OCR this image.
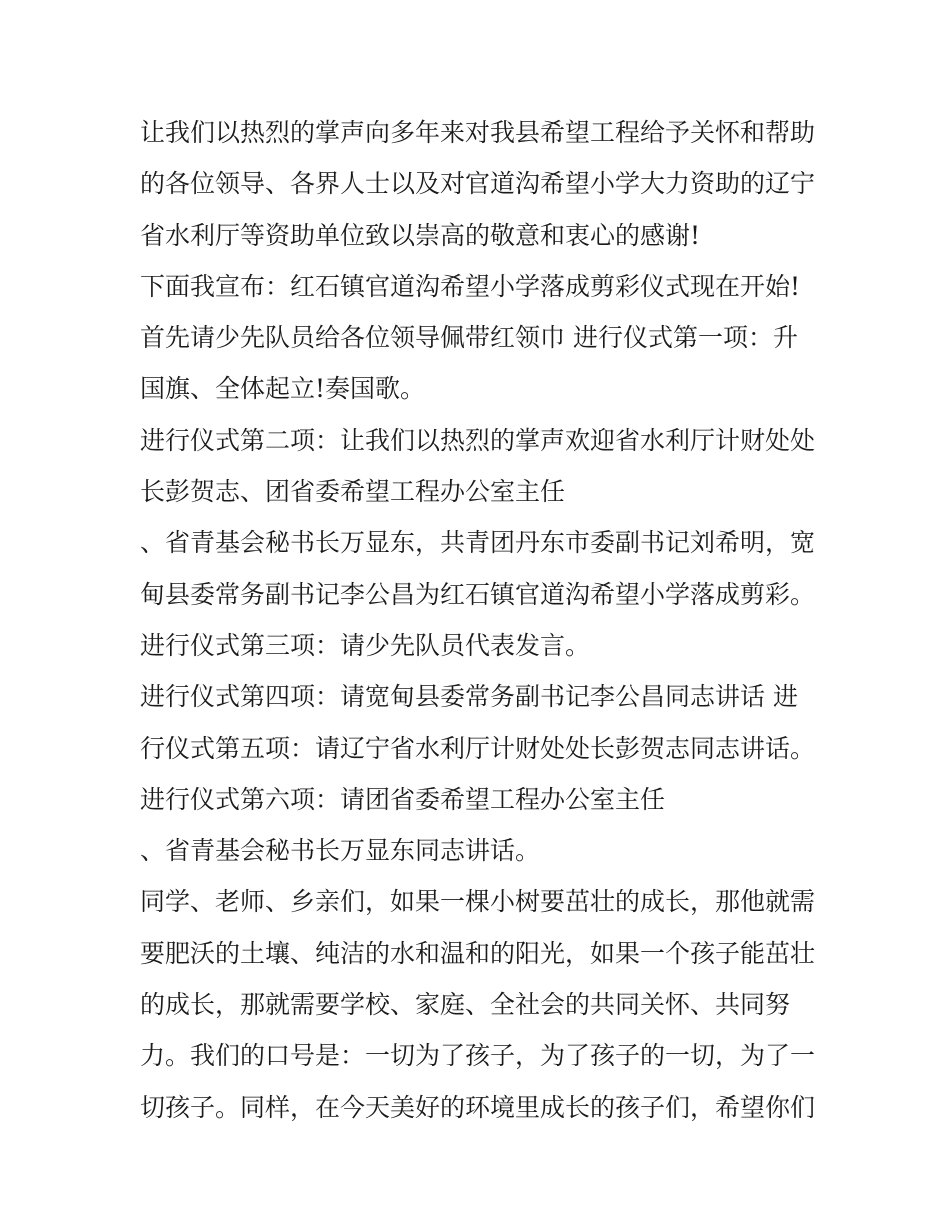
让我们以热烈的掌声向多年来对我县希望工程给予关怀和帮助
的各位领导、各界人士以及对官道沟希望小学大力资助的辽宁
省水利厅等资助单位致以崇高的敬意和衷心的感谢!
下面我宣布：红石镇官道沟希望小学落成剪彩仪式现在开始!
首先请少先队员给各位领导佩带红领巾 进行仪式第一项：升
国旗、全体起立!奏国歌。
进行仪式第二项：让我们以热烈的掌声欢迎省水利厅计财处处
长彭贺志、团省委希望工程办公室主任
、省青基会秘书长万显东，共青团丹东市委副书记刘希明，宽
甸县委常务副书记李公昌为红石镇官道沟希望小学落成剪彩。
进行仪式第三项：请少先队员代表发言。
进行仪式第四项：请宽甸县委常务副书记李公昌同志讲话 进
行仪式第五项：请辽宁省水利厅计财处处长彭贺志同志讲话。
进行仪式第六项：请团省委希望工程办公室主任
、省青基会秘书长万显东同志讲话。
同学、老师、乡亲们，如果一棵小树要茁壮的成长，那他就需
要肥沃的土壤、纯洁的水和温和的阳光，如果一个孩子能茁壮
的成长，那就需要学校、家庭、全社会的共同关怀、共同努
力。我们的口号是：一切为了孩子，为了孩子的一切，为了一
切孩子。同样，在今天美好的环境里成长的孩子们，希望你们
